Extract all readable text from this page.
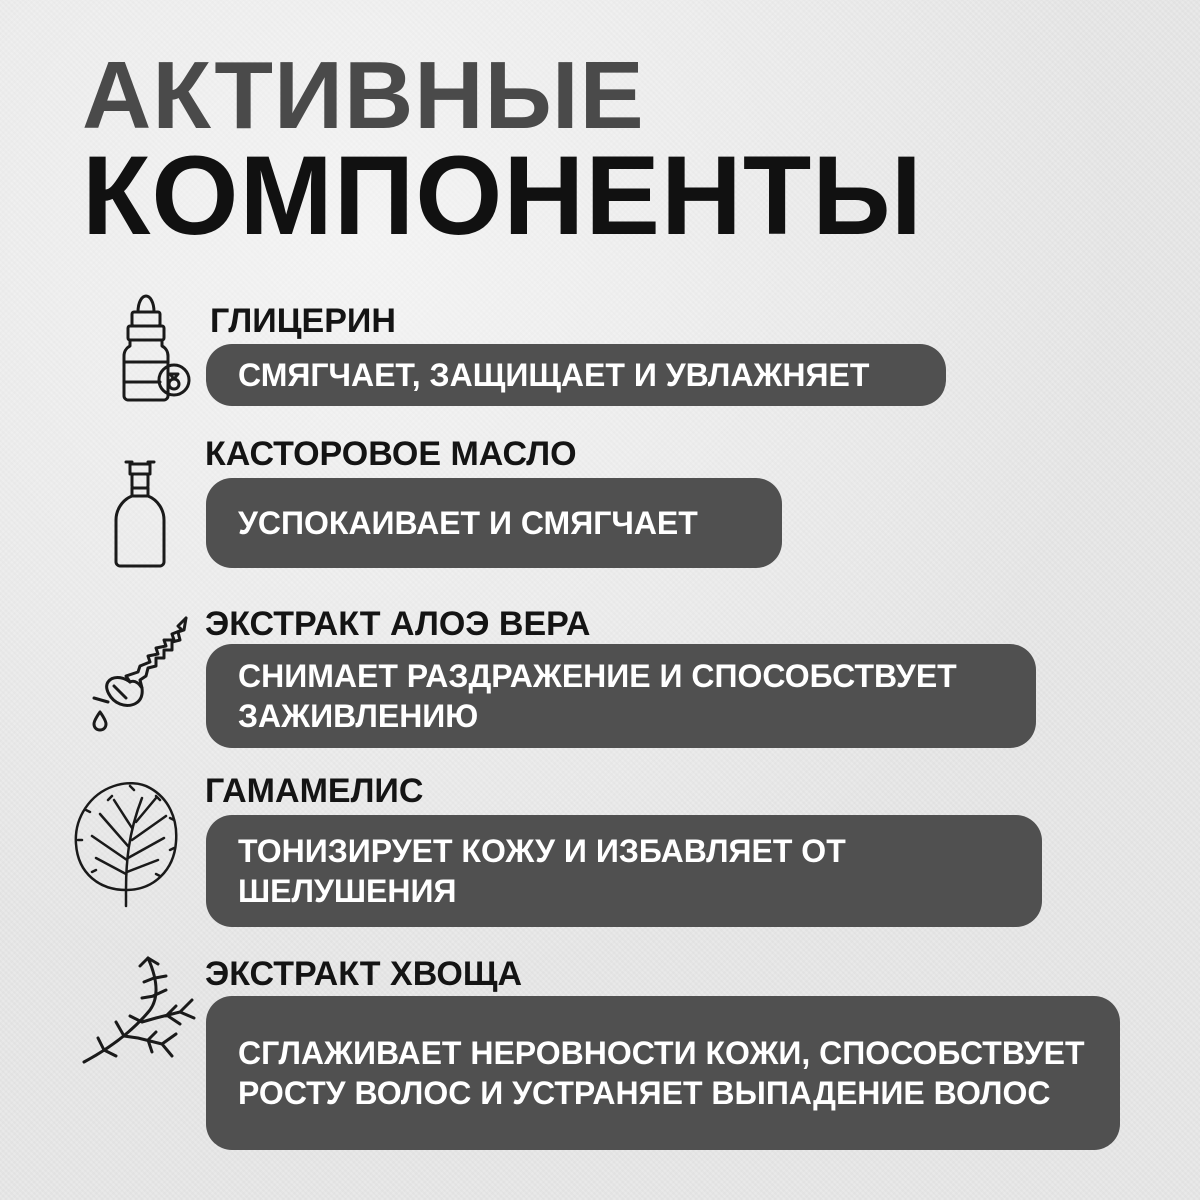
АКТИВНЫЕ
КОМПОНЕНТЫ
ГЛИЦЕРИН
СМЯГЧАЕТ, ЗАЩИЩАЕТ И УВЛАЖНЯЕТ
КАСТОРОВОЕ МАСЛО
УСПОКАИВАЕТ И СМЯГЧАЕТ
ЭКСТРАКТ АЛОЭ ВЕРА
СНИМАЕТ РАЗДРАЖЕНИЕ И СПОСОБСТВУЕТ ЗАЖИВЛЕНИЮ
ГАМАМЕЛИС
ТОНИЗИРУЕТ КОЖУ И ИЗБАВЛЯЕТ ОТ ШЕЛУШЕНИЯ
ЭКСТРАКТ ХВОЩА
СГЛАЖИВАЕТ НЕРОВНОСТИ КОЖИ, СПОСОБСТВУЕТ РОСТУ ВОЛОС И УСТРАНЯЕТ ВЫПАДЕНИЕ ВОЛОС
